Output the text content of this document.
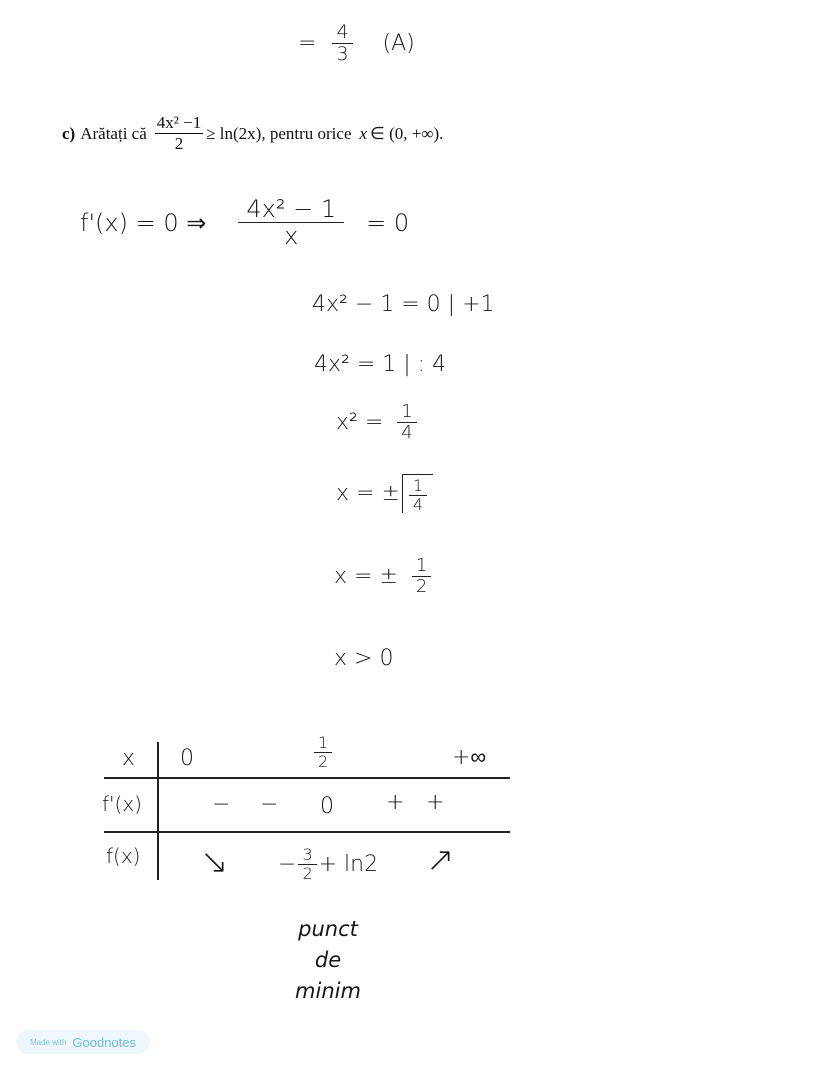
= $\frac{4}{3} (A)$
c) Arătați că $\frac{\text{4x² −1}}{2} \ge \ln(2x)$, pentru orice x ∈ (0, +∞).
f'(x) = 0 ⇒ $\frac{\text{4x² − 1}}{x} = 0$
4x² − 1 = 0 | +1
4x² = 1 | : 4
$x^2 = \frac{1}{4}$
x = ± $\frac{1}{4}$
x = ± $\frac{1}{2}$
x > 0
x
f'(x)
f(x)
0	$\frac{1}{2}$	+∞
− − 0 + +
↘ − $\frac{3}{2} + \ln 2$ ↗
punct
de
minim
Made with Goodnotes
